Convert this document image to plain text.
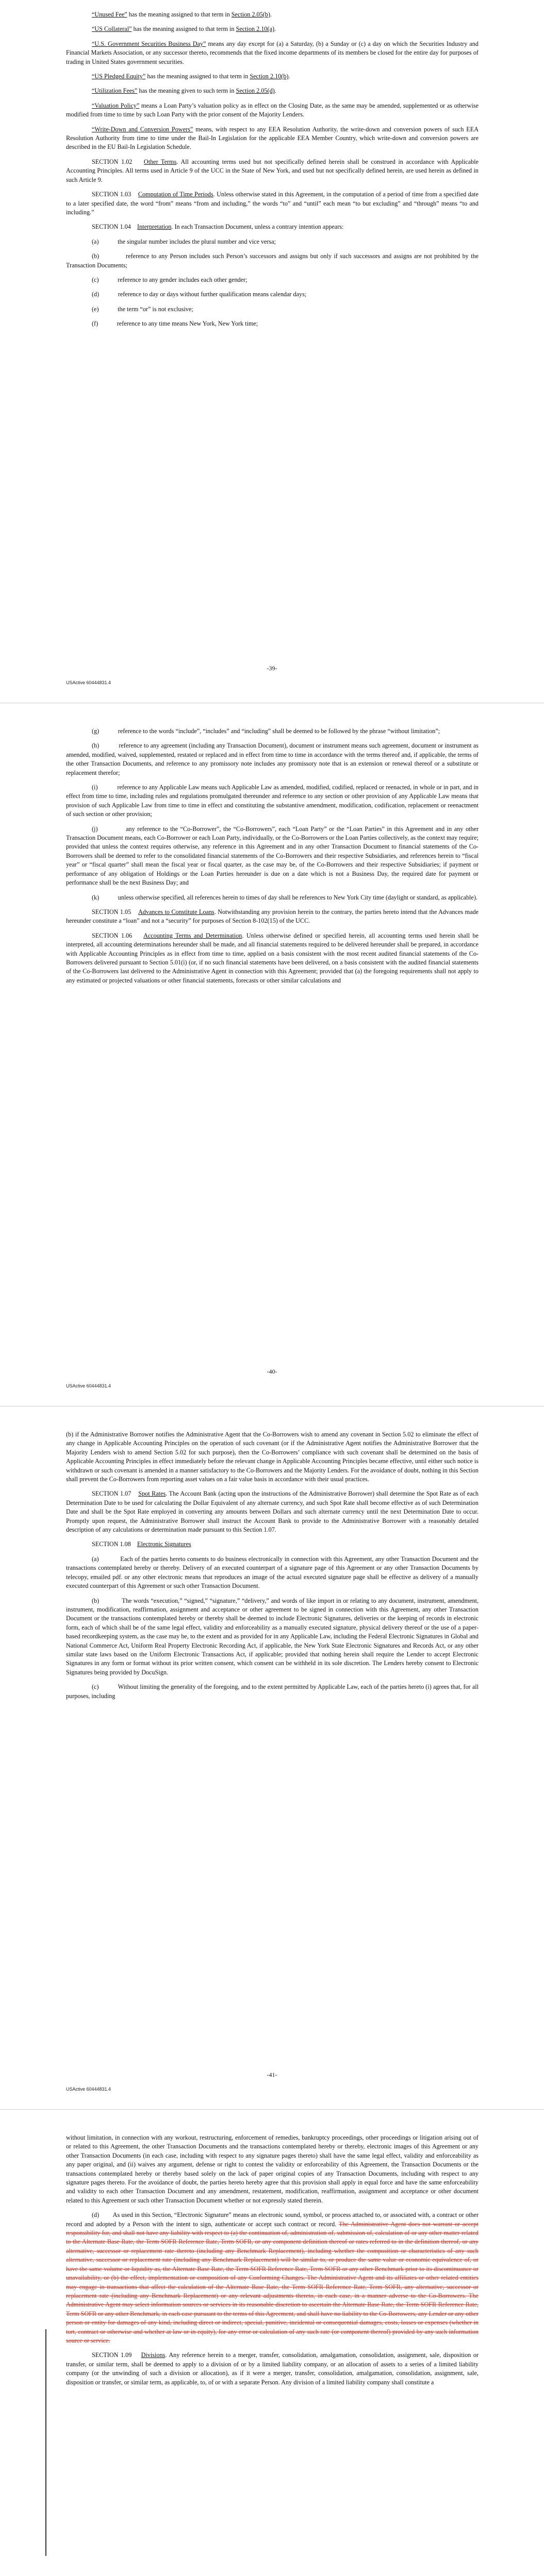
“Unused Fee” has the meaning assigned to that term in Section 2.05(b).

“US Collateral” has the meaning assigned to that term in Section 2.10(a).

“U.S. Government Securities Business Day” means any day except for (a) a Saturday, (b) a Sunday or (c) a day on which the Securities Industry and Financial Markets Association, or any successor thereto, recommends that the fixed income departments of its members be closed for the entire day for purposes of trading in United States government securities.

“US Pledged Equity” has the meaning assigned to that term in Section 2.10(b).

“Utilization Fees” has the meaning given to such term in Section 2.05(d).

“Valuation Policy” means a Loan Party’s valuation policy as in effect on the Closing Date, as the same may be amended, supplemented or as otherwise modified from time to time by such Loan Party with the prior consent of the Majority Lenders.

“Write-Down and Conversion Powers” means, with respect to any EEA Resolution Authority, the write-down and conversion powers of such EEA Resolution Authority from time to time under the Bail-In Legislation for the applicable EEA Member Country, which write-down and conversion powers are described in the EU Bail-In Legislation Schedule.

SECTION 1.02 Other Terms. All accounting terms used but not specifically defined herein shall be construed in accordance with Applicable Accounting Principles. All terms used in Article 9 of the UCC in the State of New York, and used but not specifically defined herein, are used herein as defined in such Article 9.

SECTION 1.03 Computation of Time Periods. Unless otherwise stated in this Agreement, in the computation of a period of time from a specified date to a later specified date, the word “from” means “from and including,” the words “to” and “until” each mean “to but excluding” and “through” means “to and including.”

SECTION 1.04 Interpretation. In each Transaction Document, unless a contrary intention appears:

(a)	the singular number includes the plural number and vice versa;

(b)	reference to any Person includes such Person’s successors and assigns but only if such successors and assigns are not prohibited by the Transaction Documents;

(c)	reference to any gender includes each other gender;

(d)	reference to day or days without further qualification means calendar days;

(e)	the term “or” is not exclusive;

(f)	reference to any time means New York, New York time;

-39-
USActive 60444831.4

(g)	reference to the words “include”, “includes” and “including” shall be deemed to be followed by the phrase “without limitation”;

(h)	reference to any agreement (including any Transaction Document), document or instrument means such agreement, document or instrument as amended, modified, waived, supplemented, restated or replaced and in effect from time to time in accordance with the terms thereof and, if applicable, the terms of the other Transaction Documents, and reference to any promissory note includes any promissory note that is an extension or renewal thereof or a substitute or replacement therefor;

(i)	reference to any Applicable Law means such Applicable Law as amended, modified, codified, replaced or reenacted, in whole or in part, and in effect from time to time, including rules and regulations promulgated thereunder and reference to any section or other provision of any Applicable Law means that provision of such Applicable Law from time to time in effect and constituting the substantive amendment, modification, codification, replacement or reenactment of such section or other provision;

(j)	any reference to the “Co-Borrower”, the “Co-Borrowers”, each “Loan Party” or the “Loan Parties” in this Agreement and in any other Transaction Document means, each Co-Borrower or each Loan Party, individually, or the Co-Borrowers or the Loan Parties collectively, as the context may require; provided that unless the context requires otherwise, any reference in this Agreement and in any other Transaction Document to financial statements of the Co-Borrowers shall be deemed to refer to the consolidated financial statements of the Co-Borrowers and their respective Subsidiaries, and references herein to “fiscal year” or “fiscal quarter” shall mean the fiscal year or fiscal quarter, as the case may be, of the Co-Borrowers and their respective Subsidiaries; if payment or performance of any obligation of Holdings or the Loan Parties hereunder is due on a date which is not a Business Day, the required date for payment or performance shall be the next Business Day; and

(k)	unless otherwise specified, all references herein to times of day shall be references to New York City time (daylight or standard, as applicable).

SECTION 1.05 Advances to Constitute Loans. Notwithstanding any provision herein to the contrary, the parties hereto intend that the Advances made hereunder constitute a “loan” and not a “security” for purposes of Section 8-102(15) of the UCC.

SECTION 1.06 Accounting Terms and Determination. Unless otherwise defined or specified herein, all accounting terms used herein shall be interpreted, all accounting determinations hereunder shall be made, and all financial statements required to be delivered hereunder shall be prepared, in accordance with Applicable Accounting Principles as in effect from time to time, applied on a basis consistent with the most recent audited financial statements of the Co-Borrowers delivered pursuant to Section 5.01(i) (or, if no such financial statements have been delivered, on a basis consistent with the audited financial statements of the Co-Borrowers last delivered to the Administrative Agent in connection with this Agreement; provided that (a) the foregoing requirements shall not apply to any estimated or projected valuations or other financial statements, forecasts or other similar calculations and

-40-
USActive 60444831.4

(b) if the Administrative Borrower notifies the Administrative Agent that the Co-Borrowers wish to amend any covenant in Section 5.02 to eliminate the effect of any change in Applicable Accounting Principles on the operation of such covenant (or if the Administrative Agent notifies the Administrative Borrower that the Majority Lenders wish to amend Section 5.02 for such purpose), then the Co-Borrowers’ compliance with such covenant shall be determined on the basis of Applicable Accounting Principles in effect immediately before the relevant change in Applicable Accounting Principles became effective, until either such notice is withdrawn or such covenant is amended in a manner satisfactory to the Co-Borrowers and the Majority Lenders. For the avoidance of doubt, nothing in this Section shall prevent the Co-Borrowers from reporting asset values on a fair value basis in accordance with their usual practices.

SECTION 1.07 Spot Rates. The Account Bank (acting upon the instructions of the Administrative Borrower) shall determine the Spot Rate as of each Determination Date to be used for calculating the Dollar Equivalent of any alternate currency, and such Spot Rate shall become effective as of such Determination Date and shall be the Spot Rate employed in converting any amounts between Dollars and such alternate currency until the next Determination Date to occur. Promptly upon request, the Administrative Borrower shall instruct the Account Bank to provide to the Administrative Borrower with a reasonably detailed description of any calculations or determination made pursuant to this Section 1.07.

SECTION 1.08 Electronic Signatures

(a)	Each of the parties hereto consents to do business electronically in connection with this Agreement, any other Transaction Document and the transactions contemplated hereby or thereby. Delivery of an executed counterpart of a signature page of this Agreement or any other Transaction Documents by telecopy, emailed pdf. or any other electronic means that reproduces an image of the actual executed signature page shall be effective as delivery of a manually executed counterpart of this Agreement or such other Transaction Document.

(b)	The words “execution,” “signed,” “signature,” “delivery,” and words of like import in or relating to any document, instrument, amendment, instrument, modification, reaffirmation, assignment and acceptance or other agreement to be signed in connection with this Agreement, any other Transaction Document or the transactions contemplated hereby or thereby shall be deemed to include Electronic Signatures, deliveries or the keeping of records in electronic form, each of which shall be of the same legal effect, validity and enforceability as a manually executed signature, physical delivery thereof or the use of a paper-based recordkeeping system, as the case may be, to the extent and as provided for in any Applicable Law, including the Federal Electronic Signatures in Global and National Commerce Act, Uniform Real Property Electronic Recording Act, if applicable, the New York State Electronic Signatures and Records Act, or any other similar state laws based on the Uniform Electronic Transactions Act, if applicable; provided that nothing herein shall require the Lender to accept Electronic Signatures in any form or format without its prior written consent, which consent can be withheld in its sole discretion. The Lenders hereby consent to Electronic Signatures being provided by DocuSign.

(c)	Without limiting the generality of the foregoing, and to the extent permitted by Applicable Law, each of the parties hereto (i) agrees that, for all purposes, including

-41-
USActive 60444831.4

without limitation, in connection with any workout, restructuring, enforcement of remedies, bankruptcy proceedings, other proceedings or litigation arising out of or related to this Agreement, the other Transaction Documents and the transactions contemplated hereby or thereby, electronic images of this Agreement or any other Transaction Documents (in each case, including with respect to any signature pages thereto) shall have the same legal effect, validity and enforceability as any paper original, and (ii) waives any argument, defense or right to contest the validity or enforceability of this Agreement, the Transaction Documents or the transactions contemplated hereby or thereby based solely on the lack of paper original copies of any Transaction Documents, including with respect to any signature pages thereto. For the avoidance of doubt, the parties hereto hereby agree that this provision shall apply in equal force and have the same enforceability and validity to each other Transaction Document and any amendment, restatement, modification, reaffirmation, assignment and acceptance or other document related to this Agreement or such other Transaction Document whether or not expressly stated therein.

(d) As used in this Section, “Electronic Signature” means an electronic sound, symbol, or process attached to, or associated with, a contract or other record and adopted by a Person with the intent to sign, authenticate or accept such contract or record. The Administrative Agent does not warrant or accept responsibility for, and shall not have any liability with respect to (a) the continuation of, administration of, submission of, calculation of or any other matter related to the Alternate Base Rate, the Term SOFR Reference Rate, Term SOFR, or any component definition thereof or rates referred to in the definition thereof, or any alternative, successor or replacement rate thereto (including any Benchmark Replacement), including whether the composition or characteristics of any such alternative, successor or replacement rate (including any Benchmark Replacement) will be similar to, or produce the same value or economic equivalence of, or have the same volume or liquidity as, the Alternate Base Rate, the Term SOFR Reference Rate, Term SOFR or any other Benchmark prior to its discontinuance or unavailability, or (b) the effect, implementation or composition of any Conforming Changes. The Administrative Agent and its affiliates or other related entities may engage in transactions that affect the calculation of the Alternate Base Rate, the Term SOFR Reference Rate, Term SOFR, any alternative, successor or replacement rate (including any Benchmark Replacement) or any relevant adjustments thereto, in each case, in a manner adverse to the Co-Borrowers. The Administrative Agent may select information sources or services in its reasonable discretion to ascertain the Alternate Base Rate, the Term SOFR Reference Rate, Term SOFR or any other Benchmark, in each case pursuant to the terms of this Agreement, and shall have no liability to the Co-Borrowers, any Lender or any other person or entity for damages of any kind, including direct or indirect, special, punitive, incidental or consequential damages, costs, losses or expenses (whether in tort, contract or otherwise and whether at law or in equity), for any error or calculation of any such rate (or component thereof) provided by any such information source or service.

SECTION 1.09 Divisions. Any reference herein to a merger, transfer, consolidation, amalgamation, consolidation, assignment, sale, disposition or transfer, or similar term, shall be deemed to apply to a division of or by a limited liability company, or an allocation of assets to a series of a limited liability company (or the unwinding of such a division or allocation), as if it were a merger, transfer, consolidation, amalgamation, consolidation, assignment, sale, disposition or transfer, or similar term, as applicable, to, of or with a separate Person. Any division of a limited liability company shall constitute a
